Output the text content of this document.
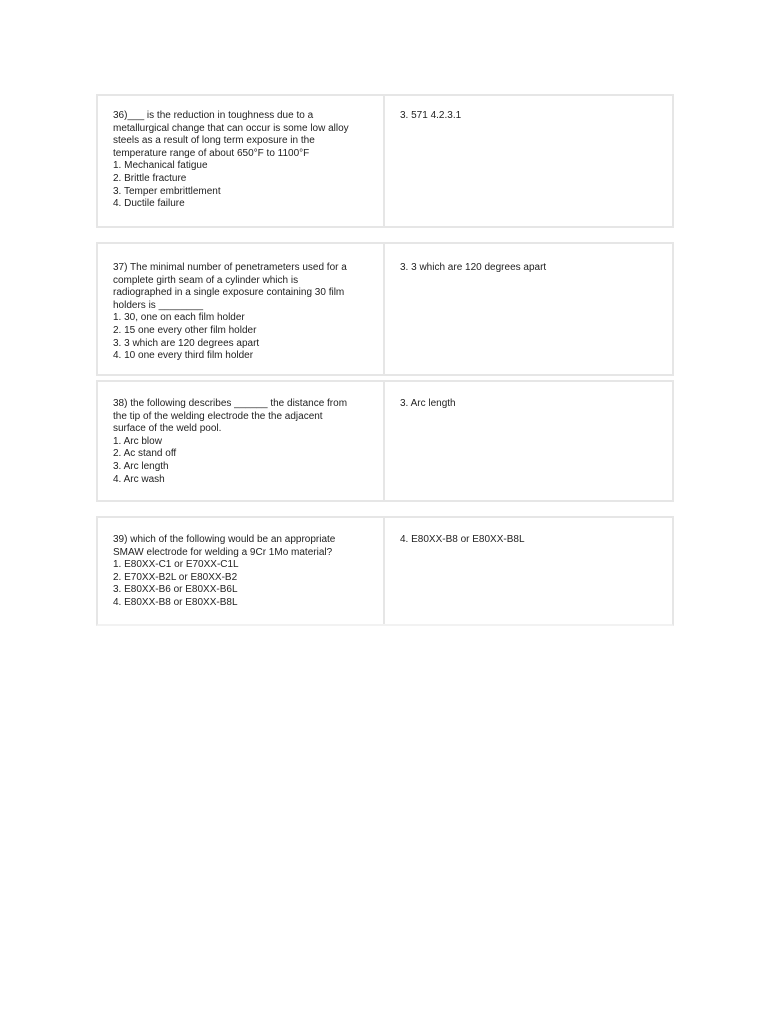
36)___ is the reduction in toughness due to a
metallurgical change that can occur is some low alloy
steels as a result of long term exposure in the
temperature range of about 650°F to 1100°F
1. Mechanical fatigue
2. Brittle fracture
3. Temper embrittlement
4. Ductile failure
3. 571 4.2.3.1
37) The minimal number of penetrameters used for a
complete girth seam of a cylinder which is
radiographed in a single exposure containing 30 film
holders is ________
1. 30, one on each film holder
2. 15 one every other film holder
3. 3 which are 120 degrees apart
4. 10 one every third film holder
3. 3 which are 120 degrees apart
38) the following describes ______ the distance from
the tip of the welding electrode the the adjacent
surface of the weld pool.
1. Arc blow
2. Ac stand off
3. Arc length
4. Arc wash
3. Arc length
39) which of the following would be an appropriate
SMAW electrode for welding a 9Cr 1Mo material?
1. E80XX-C1 or E70XX-C1L
2. E70XX-B2L or E80XX-B2
3. E80XX-B6 or E80XX-B6L
4. E80XX-B8 or E80XX-B8L
4. E80XX-B8 or E80XX-B8L
